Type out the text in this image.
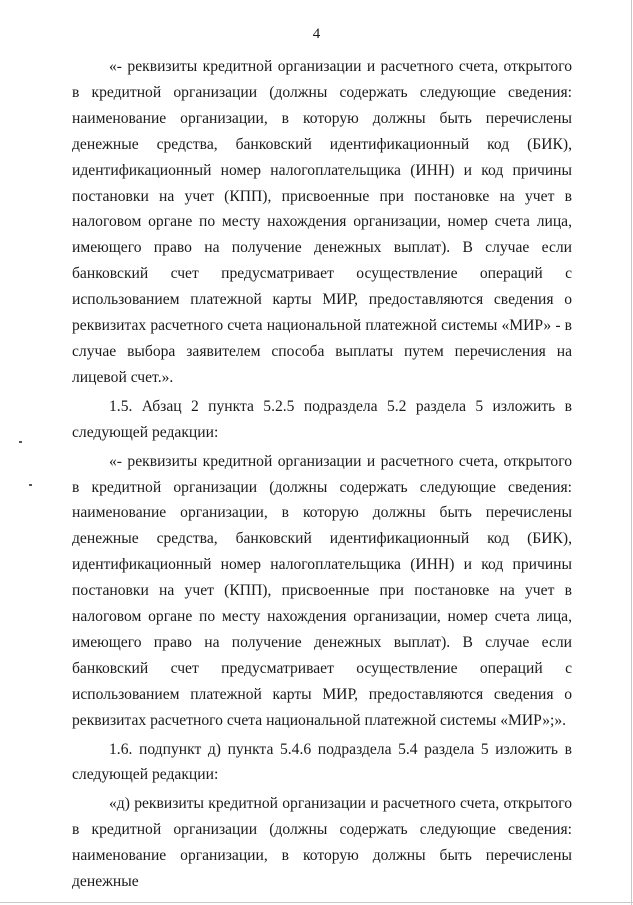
4

«- реквизиты кредитной организации и расчетного счета, открытого в кредитной организации (должны содержать следующие сведения: наименование организации, в которую должны быть перечислены денежные средства, банковский идентификационный код (БИК), идентификационный номер налогоплательщика (ИНН) и код причины постановки на учет (КПП), присвоенные при постановке на учет в налоговом органе по месту нахождения организации, номер счета лица, имеющего право на получение денежных выплат). В случае если банковский счет предусматривает осуществление операций с использованием платежной карты МИР, предоставляются сведения о реквизитах расчетного счета национальной платежной системы «МИР» - в случае выбора заявителем способа выплаты путем перечисления на лицевой счет.».

1.5. Абзац 2 пункта 5.2.5 подраздела 5.2 раздела 5 изложить в следующей редакции:

«- реквизиты кредитной организации и расчетного счета, открытого в кредитной организации (должны содержать следующие сведения: наименование организации, в которую должны быть перечислены денежные средства, банковский идентификационный код (БИК), идентификационный номер налогоплательщика (ИНН) и код причины постановки на учет (КПП), присвоенные при постановке на учет в налоговом органе по месту нахождения организации, номер счета лица, имеющего право на получение денежных выплат). В случае если банковский счет предусматривает осуществление операций с использованием платежной карты МИР, предоставляются сведения о реквизитах расчетного счета национальной платежной системы «МИР»;».

1.6. подпункт д) пункта 5.4.6 подраздела 5.4 раздела 5 изложить в следующей редакции:

«д) реквизиты кредитной организации и расчетного счета, открытого в кредитной организации (должны содержать следующие сведения: наименование организации, в которую должны быть перечислены денежные
